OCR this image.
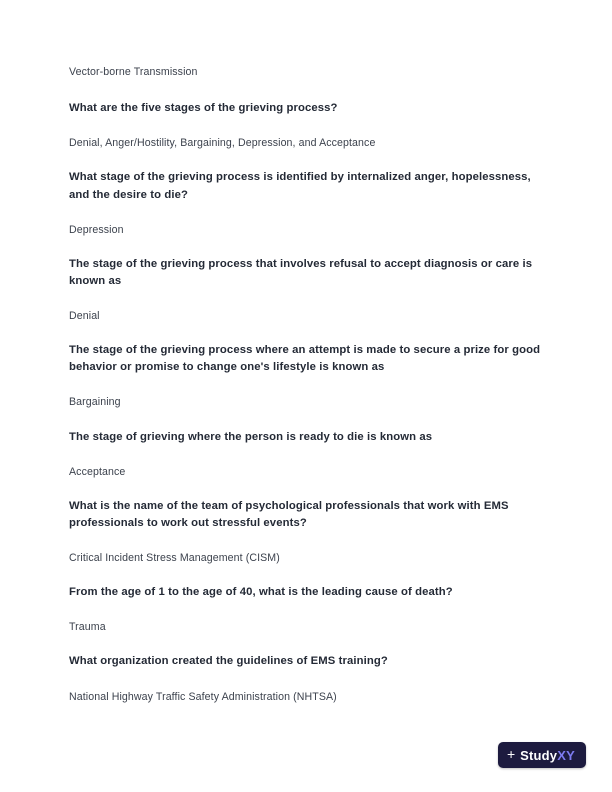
Vector-borne Transmission

What are the five stages of the grieving process?

Denial, Anger/Hostility, Bargaining, Depression, and Acceptance

What stage of the grieving process is identified by internalized anger, hopelessness, and the desire to die?

Depression

The stage of the grieving process that involves refusal to accept diagnosis or care is known as

Denial

The stage of the grieving process where an attempt is made to secure a prize for good behavior or promise to change one's lifestyle is known as

Bargaining

The stage of grieving where the person is ready to die is known as

Acceptance

What is the name of the team of psychological professionals that work with EMS professionals to work out stressful events?

Critical Incident Stress Management (CISM)

From the age of 1 to the age of 40, what is the leading cause of death?

Trauma

What organization created the guidelines of EMS training?

National Highway Traffic Safety Administration (NHTSA)

+ StudyXY
